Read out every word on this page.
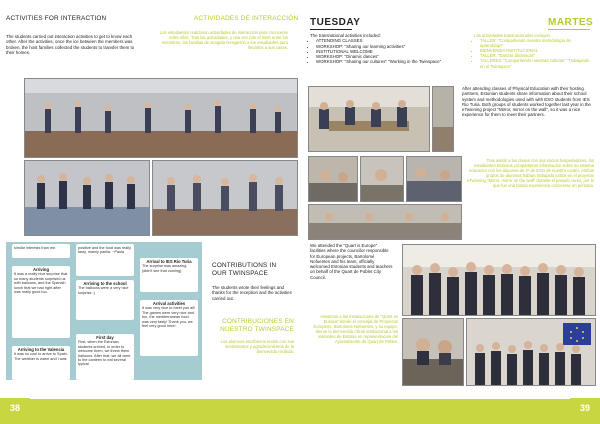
ACTIVITIES FOR INTERACTION	ACTIVIDADES DE INTERACCIÓN
The students carried out interaction activities to get to know each other. After the activities, once the ice between the members was broken, the host families collected the students to transfer them to their homes.
Los estudiantes realizaron actividades de interacción para conocerse entre ellos. Tras las actividades, y una vez roto el hielo entre los miembros, las familias de acogida recogieron a los estudiantes para llevarlos a sus casas.
similar interests than me.
Arriving
It was a really nice surprise that so many students surprised us with balloons, and the Spanish lunch that we had right after was really good too.
Arriving to the Valencia
It was so cool to arrive to Spain. The weather is warm and I was
positive and the food was really tasty, mainly paella. ~Paula
Arriving to the school
The balloons were a very nice surprise :)
First day
First, when the Estonian students arrived, in order to welcome them, we threw them balloons. After that, we all went to the canteen to eat several typical
Arrival to IES Rio Turia
The surprise was amazing (didn't see that coming)
Arrival activities
It was very nice to meet you all! The games were very nice and fun, the mediterranean food was very tasty! Thank you, we feel very good here!
CONTRIBUTIONS IN OUR TWINSPACE
The students wrote their feelings and thanks for the reception and the activities carried out.
CONTRIBUCIONES EN NUESTRO TWINSPACE
Los alumnos escribieron textos con sus sentimientos y agradecimientos de la bienvenida recibida.
TUESDAY	MARTES
The transnational activities included:
• ATTENDING CLASSES
• WORKSHOP: "Sharing our learning activities"
• INSTITUTIONAL WELCOME
• WORKSHOP: "Dinamic dances"
• WORKSHOP: "Sharing our cultures" "Working in the Twinspace"
Las actividades transnacionales incluyen:
• TALLER: "Compartiendo nuestra metodología de aprendizaje"
• BIENVENIDA INSTITUCIONAL
• TALLER: "Danzas dinámicas"
• TALLERES: "Compartiendo nuestras culturas" "Trabajando en el Twinspace"
After attending classes of Physical Education with their hosting partners, Estonian students share information about their school system and methodologies used with with ESO students from IES Rio Turia. Both groups of students worked together last year in the eTwinning project "Mirror, mirror on the wall", so it was a nice experience for them to meet their partners.
Tras asistir a las clases con sus socios hospedadores, los estudiantes Estonios compartieron información sobre su sistema educativo con los alumnos de 4º de ESO de nuestro centro. Ambos grupos de alumnos habían trabajado juntos en el proyecto eTwinning "Mirror, mirror on the wall" durante el pasado curso, por lo que fue una bonita experiencia conocerse en persona.
We attended the "Quart is Europe" facilities where the councilor responsible for European projects, Bartolomé Nofuentes and his team, officially welcomed Estonian students and teachers on behalf of the Quart de Poblet City Council.
Asistimos a las instalaciones de "Quart es Europa" donde el concejal de Proyectos Europeos, Bartolomé Nofuentes, y su equipo, dieron la bienvenida oficial institucional a los visitantes de Estonia en representación del Ayuntamiento de Quart de Poblet.
38	39
